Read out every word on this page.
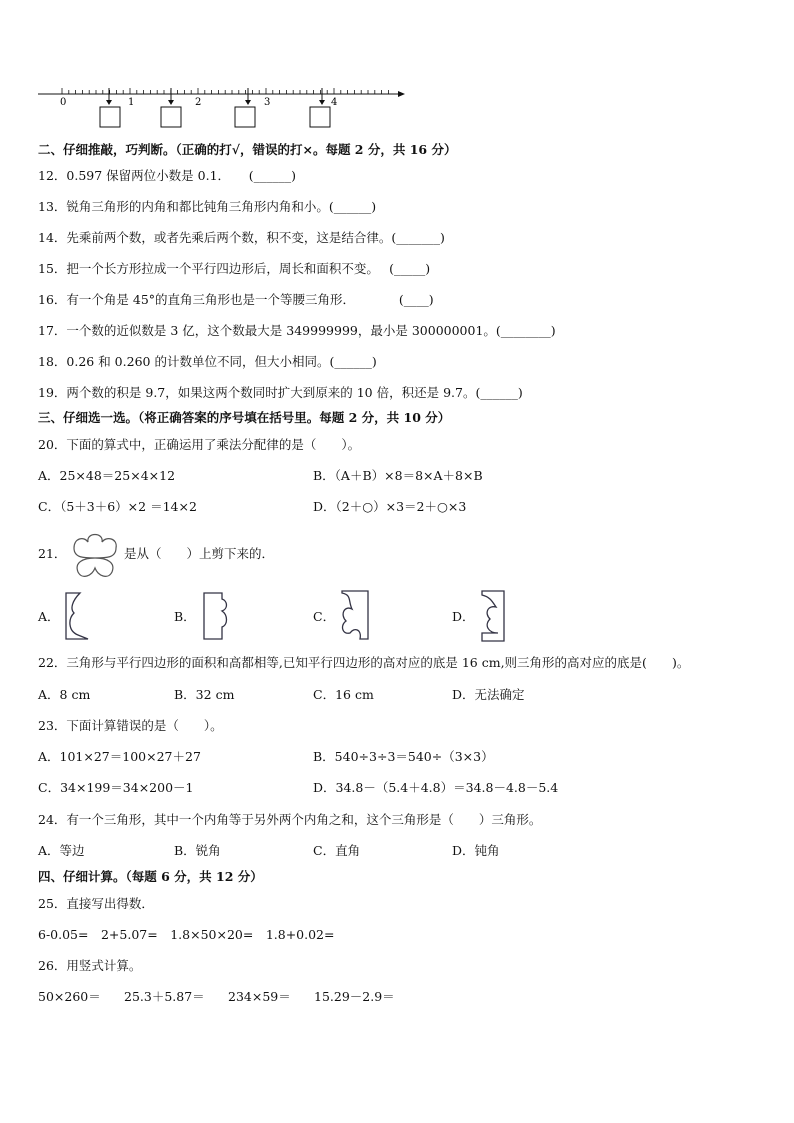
0	1	2	3	4
二、仔细推敲，巧判断。（正确的打√，错误的打×。每题 2 分，共 16 分）
12．0.597 保留两位小数是 0.1．　　 (______)
13．锐角三角形的内角和都比钝角三角形内角和小。(______)
14．先乘前两个数，或者先乘后两个数，积不变，这是结合律。(_______)
15．把一个长方形拉成一个平行四边形后，周长和面积不变。　 (_____)
16．有一个角是 45°的直角三角形也是一个等腰三角形．　　　　	(____)
17．一个数的近似数是 3 亿，这个数最大是 349999999，最小是 300000001。(________)
18．0.26 和 0.260 的计数单位不同，但大小相同。(______)
19．两个数的积是 9.7，如果这两个数同时扩大到原来的 10 倍，积还是 9.7。(______)
三、仔细选一选。（将正确答案的序号填在括号里。每题 2 分，共 10 分）
20．下面的算式中，正确运用了乘法分配律的是（　　）。
A．25×48＝25×4×12	B．（A＋B）×8＝8×A＋8×B
C．（5＋3＋6）×2 ＝14×2	D．（2＋○）×3＝2＋○×3
21．	是从（　　）上剪下来的．
A．	B．	C．	D．
22．三角形与平行四边形的面积和高都相等,已知平行四边形的高对应的底是 16 cm,则三角形的高对应的底是(　　)。
A．8 cm	B．32 cm	C．16 cm	D．无法确定
23．下面计算错误的是（　　）。
A．101×27＝100×27＋27	B．540÷3÷3＝540÷（3×3）
C．34×199＝34×200－1	D．34.8－（5.4＋4.8）＝34.8－4.8－5.4
24．有一个三角形，其中一个内角等于另外两个内角之和，这个三角形是（　　）三角形。
A．等边	B．锐角	C．直角	D．钝角
四、仔细计算。（每题 6 分，共 12 分）
25．直接写出得数．
6-0.05=　2+5.07=　1.8×50×20=　1.8+0.02=
26．用竖式计算。
50×260＝ 25.3＋5.87＝ 234×59＝ 15.29－2.9＝
